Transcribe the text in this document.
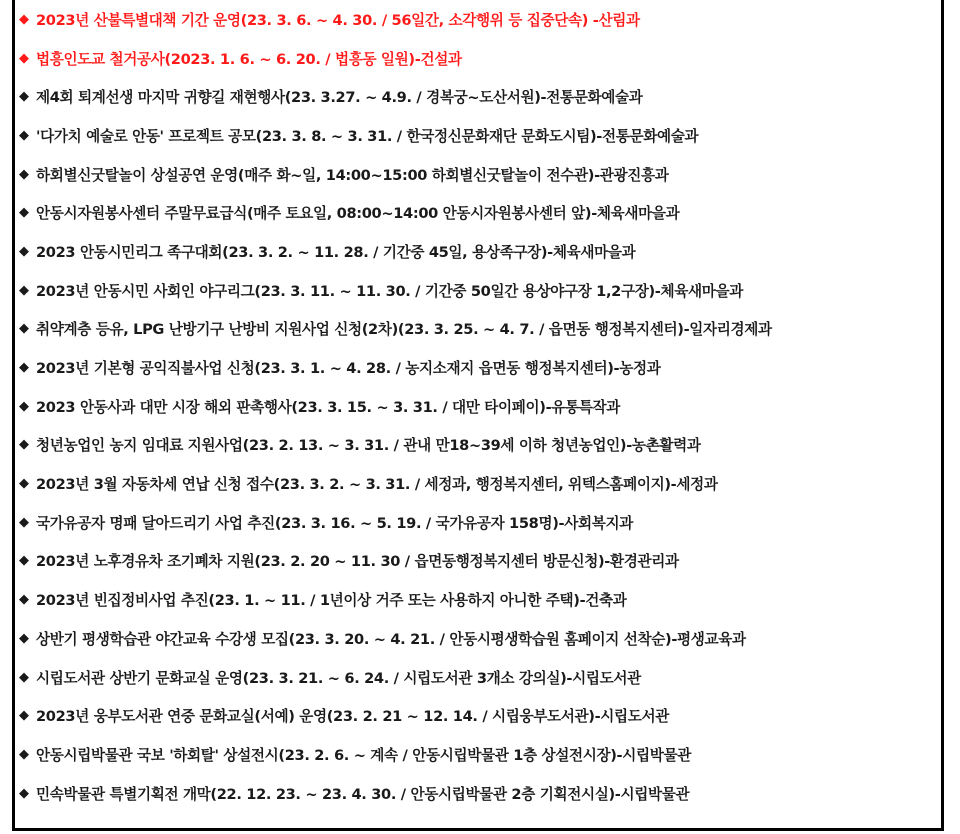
◆ 2023년 산불특별대책 기간 운영(23. 3. 6. ~ 4. 30. / 56일간, 소각행위 등 집중단속) -산림과
◆ 법흥인도교 철거공사(2023. 1. 6. ~ 6. 20. / 법흥동 일원)-건설과
◆ 제4회 퇴계선생 마지막 귀향길 재현행사(23. 3.27. ~ 4.9. / 경복궁~도산서원)-전통문화예술과
◆ '다가치 예술로 안동' 프로젝트 공모(23. 3. 8. ~ 3. 31. / 한국정신문화재단 문화도시팀)-전통문화예술과
◆ 하회별신굿탈놀이 상설공연 운영(매주 화~일, 14:00~15:00 하회별신굿탈놀이 전수관)-관광진흥과
◆ 안동시자원봉사센터 주말무료급식(매주 토요일, 08:00~14:00 안동시자원봉사센터 앞)-체육새마을과
◆ 2023 안동시민리그 족구대회(23. 3. 2. ~ 11. 28. / 기간중 45일, 용상족구장)-체육새마을과
◆ 2023년 안동시민 사회인 야구리그(23. 3. 11. ~ 11. 30. / 기간중 50일간 용상야구장 1,2구장)-체육새마을과
◆ 취약계층 등유, LPG 난방기구 난방비 지원사업 신청(2차)(23. 3. 25. ~ 4. 7. / 읍면동 행정복지센터)-일자리경제과
◆ 2023년 기본형 공익직불사업 신청(23. 3. 1. ~ 4. 28. / 농지소재지 읍면동 행정복지센터)-농정과
◆ 2023 안동사과 대만 시장 해외 판촉행사(23. 3. 15. ~ 3. 31. / 대만 타이페이)-유통특작과
◆ 청년농업인 농지 임대료 지원사업(23. 2. 13. ~ 3. 31. / 관내 만18~39세 이하 청년농업인)-농촌활력과
◆ 2023년 3월 자동차세 연납 신청 접수(23. 3. 2. ~ 3. 31. / 세정과, 행정복지센터, 위텍스홈페이지)-세정과
◆ 국가유공자 명패 달아드리기 사업 추진(23. 3. 16. ~ 5. 19. / 국가유공자 158명)-사회복지과
◆ 2023년 노후경유차 조기폐차 지원(23. 2. 20 ~ 11. 30 / 읍면동행정복지센터 방문신청)-환경관리과
◆ 2023년 빈집정비사업 추진(23. 1. ~ 11. / 1년이상 거주 또는 사용하지 아니한 주택)-건축과
◆ 상반기 평생학습관 야간교육 수강생 모집(23. 3. 20. ~ 4. 21. / 안동시평생학습원 홈페이지 선착순)-평생교육과
◆ 시립도서관 상반기 문화교실 운영(23. 3. 21. ~ 6. 24. / 시립도서관 3개소 강의실)-시립도서관
◆ 2023년 웅부도서관 연중 문화교실(서예) 운영(23. 2. 21 ~ 12. 14. / 시립웅부도서관)-시립도서관
◆ 안동시립박물관 국보 '하회탈' 상설전시(23. 2. 6. ~ 계속 / 안동시립박물관 1층 상설전시장)-시립박물관
◆ 민속박물관 특별기획전 개막(22. 12. 23. ~ 23. 4. 30. / 안동시립박물관 2층 기획전시실)-시립박물관
